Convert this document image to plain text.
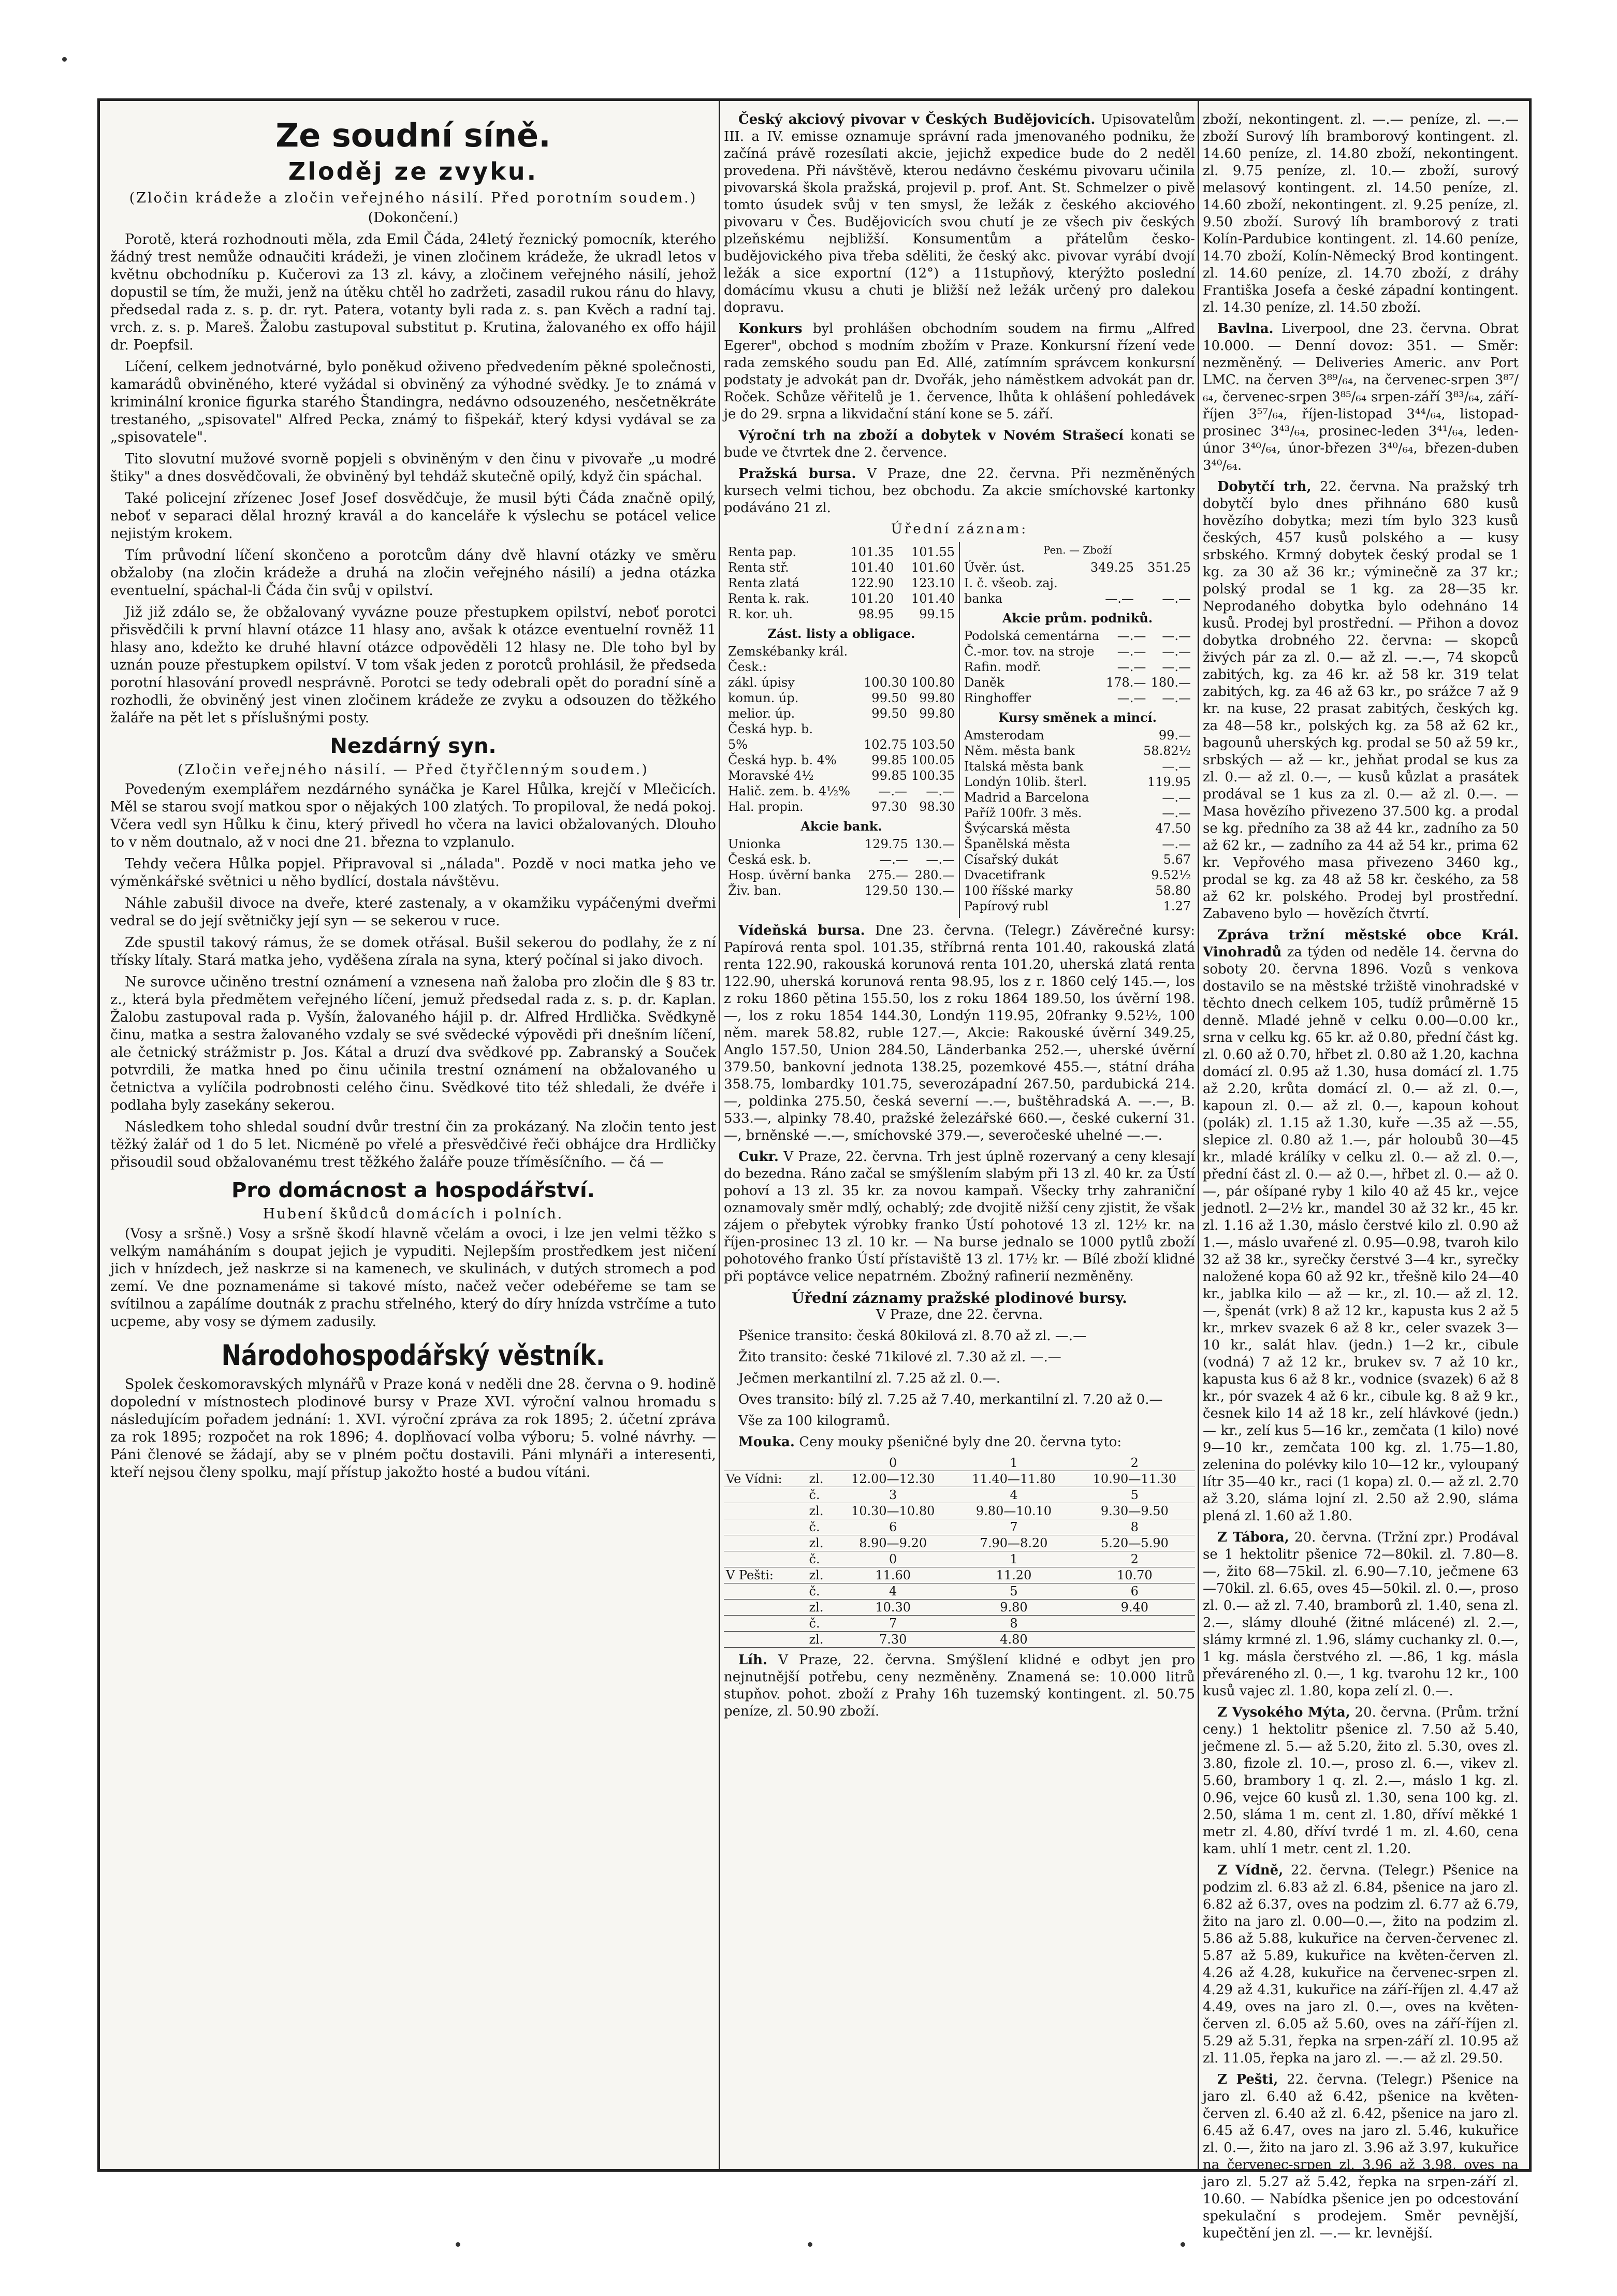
Ze soudní síně.
Zloděj ze zvyku.

(Zločin krádeže a zločin veřejného násilí. Před porotním soudem.)

(Dokončení.)

Porotě, která rozhodnouti měla, zda Emil Čáda, 24letý řeznický pomocník, kterého žádný trest nemůže odnaučiti krádeži, je vinen zločinem krádeže, že ukradl letos v květnu obchodníku p. Kučerovi za 13 zl. kávy, a zločinem veřejného násilí, jehož dopustil se tím, že muži, jenž na útěku chtěl ho zadržeti, zasadil rukou ránu do hlavy, předsedal rada z. s. p. dr. ryt. Patera, votanty byli rada z. s. pan Kvěch a radní taj. vrch. z. s. p. Mareš. Žalobu zastupoval substitut p. Krutina, žalovaného ex offo hájil dr. Poepfsil.

Líčení, celkem jednotvárné, bylo poněkud oživeno předvedením pěkné společnosti, kamarádů obviněného, které vyžádal si obviněný za výhodné svědky. Je to známá v kriminální kronice figurka starého Štandingra, nedávno odsouzeného, nesčetněkráte trestaného, „spisovatel" Alfred Pecka, známý to fišpekář, který kdysi vydával se za „spisovatele".

Tito slovutní mužové svorně popjeli s obviněným v den činu v pivovaře „u modré štiky" a dnes dosvědčovali, že obviněný byl tehdáž skutečně opilý, když čin spáchal.

Také policejní zřízenec Josef Josef dosvědčuje, že musil býti Čáda značně opilý, neboť v separaci dělal hrozný kravál a do kanceláře k výslechu se potácel velice nejistým krokem.

Tím průvodní líčení skončeno a porotcům dány dvě hlavní otázky ve směru obžaloby (na zločin krádeže a druhá na zločin veřejného násilí) a jedna otázka eventuelní, spáchal-li Čáda čin svůj v opilství.

Již již zdálo se, že obžalovaný vyvázne pouze přestupkem opilství, neboť porotci přisvědčili k první hlavní otázce 11 hlasy ano, avšak k otázce eventuelní rovněž 11 hlasy ano, kdežto ke druhé hlavní otázce odpověděli 12 hlasy ne. Dle toho byl by uznán pouze přestupkem opilství. V tom však jeden z porotců prohlásil, že předseda porotní hlasování provedl nesprávně. Porotci se tedy odebrali opět do poradní síně a rozhodli, že obviněný jest vinen zločinem krádeže ze zvyku a odsouzen do těžkého žaláře na pět let s příslušnými posty.

Nezdárný syn.

(Zločin veřejného násilí. — Před čtyřčlenným soudem.)

Povedeným exemplářem nezdárného synáčka je Karel Hůlka, krejčí v Mlečicích. Měl se starou svojí matkou spor o nějakých 100 zlatých. To propiloval, že nedá pokoj. Včera vedl syn Hůlku k činu, který přivedl ho včera na lavici obžalovaných. Dlouho to v něm doutnalo, až v noci dne 21. března to vzplanulo.

Tehdy večera Hůlka popjel. Připravoval si „nálada". Pozdě v noci matka jeho ve výměnkářské světnici u něho bydlící, dostala návštěvu.

Náhle zabušil divoce na dveře, které zastenaly, a v okamžiku vypáčenými dveřmi vedral se do její světničky její syn — se sekerou v ruce.

Zde spustil takový rámus, že se domek otřásal. Bušil sekerou do podlahy, že z ní třísky lítaly. Stará matka jeho, vyděšena zírala na syna, který počínal si jako divoch.

Ne surovce učiněno trestní oznámení a vznesena naň žaloba pro zločin dle § 83 tr. z., která byla předmětem veřejného líčení, jemuž předsedal rada z. s. p. dr. Kaplan. Žalobu zastupoval rada p. Vyšín, žalovaného hájil p. dr. Alfred Hrdlička. Svědkyně činu, matka a sestra žalovaného vzdaly se své svědecké výpovědi při dnešním líčení, ale četnický strážmistr p. Jos. Kátal a druzí dva svědkové pp. Zabranský a Souček potvrdili, že matka hned po činu učinila trestní oznámení na obžalovaného u četnictva a vylíčila podrobnosti celého činu. Svědkové tito též shledali, že dvéře i podlaha byly zasekány sekerou.

Následkem toho shledal soudní dvůr trestní čin za prokázaný. Na zločin tento jest těžký žalář od 1 do 5 let. Nicméně po vřelé a přesvědčivé řeči obhájce dra Hrdličky přisoudil soud obžalovanému trest těžkého žaláře pouze tříměsíčního. — čá —

Pro domácnost a hospodářství.

Hubení škůdců domácích i polních.

(Vosy a sršně.) Vosy a sršně škodí hlavně včelám a ovoci, i lze jen velmi těžko s velkým namáháním s doupat jejich je vypuditi. Nejlepším prostředkem jest ničení jich v hnízdech, jež naskrze si na kamenech, ve skulinách, v dutých stromech a pod zemí. Ve dne poznamenáme si takové místo, načež večer odebéřeme se tam se svítilnou a zapálíme doutnák z prachu střelného, který do díry hnízda vstrčíme a tuto ucpeme, aby vosy se dýmem zadusily.

Národohospodářský věstník.

Spolek českomoravských mlynářů v Praze koná v neděli dne 28. června o 9. hodině dopolední v místnostech plodinové bursy v Praze XVI. výroční valnou hromadu s následujícím pořadem jednání: 1. XVI. výroční zpráva za rok 1895; 2. účetní zpráva za rok 1895; rozpočet na rok 1896; 4. doplňovací volba výboru; 5. volné návrhy. — Páni členové se žádají, aby se v plném počtu dostavili. Páni mlynáři a interesenti, kteří nejsou členy spolku, mají přístup jakožto hosté a budou vítáni.

Český akciový pivovar v Českých Budějovicích. Upisovatelům III. a IV. emisse oznamuje správní rada jmenovaného podniku, že začíná právě rozesílati akcie, jejichž expedice bude do 2 neděl provedena. Při návštěvě, kterou nedávno českému pivovaru učinila pivovarská škola pražská, projevil p. prof. Ant. St. Schmelzer o pivě tomto úsudek svůj v ten smysl, že ležák z českého akciového pivovaru v Čes. Budějovicích svou chutí je ze všech piv českých plzeňskému nejbližší. Konsumentům a přátelům česko-budějovického piva třeba sděliti, že český akc. pivovar vyrábí dvojí ležák a sice exportní (12°) a 11stupňový, kterýžto poslední domácímu vkusu a chuti je bližší než ležák určený pro dalekou dopravu.

Konkurs byl prohlášen obchodním soudem na firmu „Alfred Egerer", obchod s modním zbožím v Praze. Konkursní řízení vede rada zemského soudu pan Ed. Allé, zatímním správcem konkursní podstaty je advokát pan dr. Dvořák, jeho náměstkem advokát pan dr. Roček. Schůze věřitelů je 1. července, lhůta k ohlášení pohledávek je do 29. srpna a likvidační stání kone se 5. září.

Výroční trh na zboží a dobytek v Novém Strašecí konati se bude ve čtvrtek dne 2. července.

Pražská bursa. V Praze, dne 22. června. Při nezměněných kursech velmi tichou, bez obchodu. Za akcie smíchovské kartonky podáváno 21 zl.

Úřední záznam:

Renta pap.	101.35	101.55
Renta stř.	101.40	101.60
Renta zlatá	122.90	123.10
Renta k. rak.	101.20	101.40
R. kor. uh.	98.95	99.15
Zást. listy a obligace.
Zemskébanky král. Česk.:		
zákl. úpisy	100.30	100.80
komun. úp.	99.50	99.80
melior. úp.	99.50	99.80
Česká hyp. b.		
5%	102.75	103.50
Česká hyp. b. 4%	99.85	100.05
Moravské 4½	99.85	100.35
Halič. zem. b. 4½%	—.—	—.—
Hal. propin.	97.30	98.30
Akcie bank.
Unionka	129.75	130.—
Česká esk. b.	—.—	—.—
Hosp. úvěrní banka	275.—	280.—
Živ. ban.	129.50	130.—

Pen. — Zboží
Úvěr. úst.	349.25	351.25
I. č. všeob. zaj.		
banka	—.—	—.—
Akcie prům. podniků.
Podolská cementárna	—.—	—.—
Č.-mor. tov. na stroje	—.—	—.—
Rafin. modř.	—.—	—.—
Daněk	178.—	180.—
Ringhoffer	—.—	—.—
Kursy směnek a mincí.
Amsterodam	99.—
Něm. města bank	58.82½
Italská města bank	—.—
Londýn 10lib. šterl.	119.95
Madrid a Barcelona	—.—
Paříž 100fr. 3 měs.	—.—
Švýcarská města	47.50
Španělská města	—.—
Císařský dukát	5.67
Dvacetifrank	9.52½
100 říšské marky	58.80
Papírový rubl	1.27

Vídeňská bursa. Dne 23. června. (Telegr.) Závěrečné kursy: Papírová renta spol. 101.35, stříbrná renta 101.40, rakouská zlatá renta 122.90, rakouská korunová renta 101.20, uherská zlatá renta 122.90, uherská korunová renta 98.95, los z r. 1860 celý 145.—, los z roku 1860 pětina 155.50, los z roku 1864 189.50, los úvěrní 198.—, los z roku 1854 144.30, Londýn 119.95, 20franky 9.52½, 100 něm. marek 58.82, ruble 127.—, Akcie: Rakouské úvěrní 349.25, Anglo 157.50, Union 284.50, Länderbanka 252.—, uherské úvěrní 379.50, bankovní jednota 138.25, pozemkové 455.—, státní dráha 358.75, lombardky 101.75, severozápadní 267.50, pardubická 214.—, poldinka 275.50, česká severní —.—, buštěhradská A. —.—, B. 533.—, alpinky 78.40, pražské železářské 660.—, české cukerní 31.—, brněnské —.—, smíchovské 379.—, severočeské uhelné —.—.

Cukr. V Praze, 22. června. Trh jest úplně rozervaný a ceny klesají do bezedna. Ráno začal se smýšlením slabým při 13 zl. 40 kr. za Ústí pohoví a 13 zl. 35 kr. za novou kampaň. Všecky trhy zahraniční oznamovaly směr mdlý, ochablý; zde dvojitě nižší ceny zjistit, že však zájem o přebytek výrobky franko Ústí pohotové 13 zl. 12½ kr. na říjen-prosinec 13 zl. 10 kr. — Na burse jednalo se 1000 pytlů zboží pohotového franko Ústí přístaviště 13 zl. 17½ kr. — Bílé zboží klidné při poptávce velice nepatrném. Zbožný rafinerií nezměněny.

Úřední záznamy pražské plodinové bursy.

V Praze, dne 22. června.

Pšenice transito: česká 80kilová zl. 8.70 až zl. —.—

Žito transito: české 71kilové zl. 7.30 až zl. —.—

Ječmen merkantilní zl. 7.25 až zl. 0.—.

Oves transito: bílý zl. 7.25 až 7.40, merkantilní zl. 7.20 až 0.—

Vše za 100 kilogramů.

Mouka. Ceny mouky pšeničné byly dne 20. června tyto:

		0	1	2
Ve Vídni:	zl.	12.00—12.30	11.40—11.80	10.90—11.30
	č.	3	4	5
	zl.	10.30—10.80	9.80—10.10	9.30—9.50
	č.	6	7	8
	zl.	8.90—9.20	7.90—8.20	5.20—5.90
	č.	0	1	2
V Pešti:	zl.	11.60	11.20	10.70
	č.	4	5	6
	zl.	10.30	9.80	9.40
	č.	7	8	
	zl.	7.30	4.80	

Líh. V Praze, 22. června. Smýšlení klidné e odbyt jen pro nejnutnější potřebu, ceny nezměněny. Znamená se: 10.000 litrů stupňov. pohot. zboží z Prahy 16h tuzemský kontingent. zl. 50.75 peníze, zl. 50.90 zboží.

zboží, nekontingent. zl. —.— peníze, zl. —.— zboží Surový líh bramborový kontingent. zl. 14.60 peníze, zl. 14.80 zboží, nekontingent. zl. 9.75 peníze, zl. 10.— zboží, surový melasový kontingent. zl. 14.50 peníze, zl. 14.60 zboží, nekontingent. zl. 9.25 peníze, zl. 9.50 zboží. Surový líh bramborový z trati Kolín-Pardubice kontingent. zl. 14.60 peníze, 14.70 zboží, Kolín-Německý Brod kontingent. zl. 14.60 peníze, zl. 14.70 zboží, z dráhy Františka Josefa a české západní kontingent. zl. 14.30 peníze, zl. 14.50 zboží.

Bavlna. Liverpool, dne 23. června. Obrat 10.000. — Denní dovoz: 351. — Směr: nezměněný. — Deliveries Americ. anv Port LMC. na červen 3⁸⁹/₆₄, na červenec-srpen 3⁸⁷/₆₄, červenec-srpen 3⁸⁵/₆₄ srpen-září 3⁸³/₆₄, září-říjen 3⁵⁷/₆₄, říjen-listopad 3⁴⁴/₆₄, listopad-prosinec 3⁴³/₆₄, prosinec-leden 3⁴¹/₆₄, leden-únor 3⁴⁰/₆₄, únor-březen 3⁴⁰/₆₄, březen-duben 3⁴⁰/₆₄.

Dobytčí trh, 22. června. Na pražský trh dobytčí bylo dnes přihnáno 680 kusů hovězího dobytka; mezi tím bylo 323 kusů českých, 457 kusů polského a — kusy srbského. Krmný dobytek český prodal se 1 kg. za 30 až 36 kr.; výminečně za 37 kr.; polský prodal se 1 kg. za 28—35 kr. Neprodaného dobytka bylo odehnáno 14 kusů. Prodej byl prostřední. — Přihon a dovoz dobytka drobného 22. června: — skopců živých pár za zl. 0.— až zl. —.—, 74 skopců zabitých, kg. za 46 kr. až 58 kr. 319 telat zabitých, kg. za 46 až 63 kr., po srážce 7 až 9 kr. na kuse, 22 prasat zabitých, českých kg. za 48—58 kr., polských kg. za 58 až 62 kr., bagounů uherských kg. prodal se 50 až 59 kr., srbských — až — kr., jehňat prodal se kus za zl. 0.— až zl. 0.—, — kusů kůzlat a prasátek prodával se 1 kus za zl. 0.— až zl. 0.—. — Masa hovězího přivezeno 37.500 kg. a prodal se kg. předního za 38 až 44 kr., zadního za 50 až 62 kr., — zadního za 44 až 54 kr., prima 62 kr. Vepřového masa přivezeno 3460 kg., prodal se kg. za 48 až 58 kr. českého, za 58 až 62 kr. polského. Prodej byl prostřední. Zabaveno bylo — hovězích čtvrtí.

Zpráva tržní městské obce Král. Vinohradů za týden od neděle 14. června do soboty 20. června 1896. Vozů s venkova dostavilo se na městské tržiště vinohradské v těchto dnech celkem 105, tudíž průměrně 15 denně. Mladé jehně v celku 0.00—0.00 kr., srna v celku kg. 65 kr. až 0.80, přední část kg. zl. 0.60 až 0.70, hřbet zl. 0.80 až 1.20, kachna domácí zl. 0.95 až 1.30, husa domácí zl. 1.75 až 2.20, krůta domácí zl. 0.— až zl. 0.—, kapoun zl. 0.— až zl. 0.—, kapoun kohout (polák) zl. 1.15 až 1.30, kuře —.35 až —.55, slepice zl. 0.80 až 1.—, pár holoubů 30—45 kr., mladé králíky v celku zl. 0.— až zl. 0.—, přední část zl. 0.— až 0.—, hřbet zl. 0.— až 0.—, pár ošípané ryby 1 kilo 40 až 45 kr., vejce jednotl. 2—2½ kr., mandel 30 až 32 kr., 45 kr. zl. 1.16 až 1.30, máslo čerstvé kilo zl. 0.90 až 1.—, máslo uvařené zl. 0.95—0.98, tvaroh kilo 32 až 38 kr., syrečky čerstvé 3—4 kr., syrečky naložené kopa 60 až 92 kr., třešně kilo 24—40 kr., jablka kilo — až — kr., zl. 10.— až zl. 12.—, špenát (vrk) 8 až 12 kr., kapusta kus 2 až 5 kr., mrkev svazek 6 až 8 kr., celer svazek 3—10 kr., salát hlav. (jedn.) 1—2 kr., cibule (vodná) 7 až 12 kr., brukev sv. 7 až 10 kr., kapusta kus 6 až 8 kr., vodnice (svazek) 6 až 8 kr., pór svazek 4 až 6 kr., cibule kg. 8 až 9 kr., česnek kilo 14 až 18 kr., zelí hlávkové (jedn.) — kr., zelí kus 5—16 kr., zemčata (1 kilo) nové 9—10 kr., zemčata 100 kg. zl. 1.75—1.80, zelenina do polévky kilo 10—12 kr., vyloupaný lítr 35—40 kr., raci (1 kopa) zl. 0.— až zl. 2.70 až 3.20, sláma lojní zl. 2.50 až 2.90, sláma plená zl. 1.60 až 1.80.

Z Tábora, 20. června. (Tržní zpr.) Prodával se 1 hektolitr pšenice 72—80kil. zl. 7.80—8.—, žito 68—75kil. zl. 6.90—7.10, ječmene 63—70kil. zl. 6.65, oves 45—50kil. zl. 0.—, proso zl. 0.— až zl. 7.40, bramborů zl. 1.40, sena zl. 2.—, slámy dlouhé (žitné mlácené) zl. 2.—, slámy krmné zl. 1.96, slámy cuchanky zl. 0.—, 1 kg. másla čerstvého zl. —.86, 1 kg. másla převáreného zl. 0.—, 1 kg. tvarohu 12 kr., 100 kusů vajec zl. 1.80, kopa zelí zl. 0.—.

Z Vysokého Mýta, 20. června. (Prům. tržní ceny.) 1 hektolitr pšenice zl. 7.50 až 5.40, ječmene zl. 5.— až 5.20, žito zl. 5.30, oves zl. 3.80, fizole zl. 10.—, proso zl. 6.—, vikev zl. 5.60, brambory 1 q. zl. 2.—, máslo 1 kg. zl. 0.96, vejce 60 kusů zl. 1.30, sena 100 kg. zl. 2.50, sláma 1 m. cent zl. 1.80, dříví měkké 1 metr zl. 4.80, dříví tvrdé 1 m. zl. 4.60, cena kam. uhlí 1 metr. cent zl. 1.20.

Z Vídně, 22. června. (Telegr.) Pšenice na podzim zl. 6.83 až zl. 6.84, pšenice na jaro zl. 6.82 až 6.37, oves na podzim zl. 6.77 až 6.79, žito na jaro zl. 0.00—0.—, žito na podzim zl. 5.86 až 5.88, kukuřice na červen-červenec zl. 5.87 až 5.89, kukuřice na květen-červen zl. 4.26 až 4.28, kukuřice na červenec-srpen zl. 4.29 až 4.31, kukuřice na září-říjen zl. 4.47 až 4.49, oves na jaro zl. 0.—, oves na květen-červen zl. 6.05 až 5.60, oves na září-říjen zl. 5.29 až 5.31, řepka na srpen-září zl. 10.95 až zl. 11.05, řepka na jaro zl. —.— až zl. 29.50.

Z Pešti, 22. června. (Telegr.) Pšenice na jaro zl. 6.40 až 6.42, pšenice na květen-červen zl. 6.40 až zl. 6.42, pšenice na jaro zl. 6.45 až 6.47, oves na jaro zl. 5.46, kukuřice zl. 0.—, žito na jaro zl. 3.96 až 3.97, kukuřice na červenec-srpen zl. 3.96 až 3.98, oves na jaro zl. 5.27 až 5.42, řepka na srpen-září zl. 10.60. — Nabídka pšenice jen po odcestování spekulační s prodejem. Směr pevnější, kupečtění jen zl. —.— kr. levnější.
